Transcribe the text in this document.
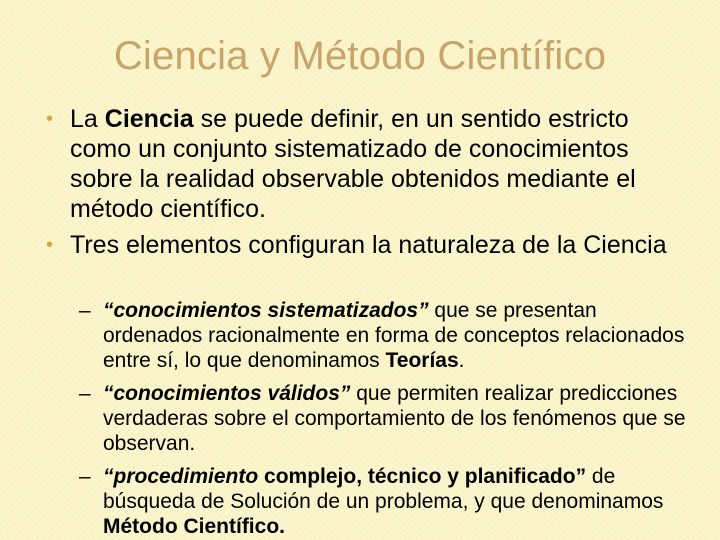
Ciencia y Método Científico
• La Ciencia se puede definir, en un sentido estricto como un conjunto sistematizado de conocimientos sobre la realidad observable obtenidos mediante el método científico.
• Tres elementos configuran la naturaleza de la Ciencia
– “conocimientos sistematizados” que se presentan ordenados racionalmente en forma de conceptos relacionados entre sí, lo que denominamos Teorías.
– “conocimientos válidos” que permiten realizar predicciones verdaderas sobre el comportamiento de los fenómenos que se observan.
– “procedimiento complejo, técnico y planificado” de búsqueda de Solución de un problema, y que denominamos Método Científico.
